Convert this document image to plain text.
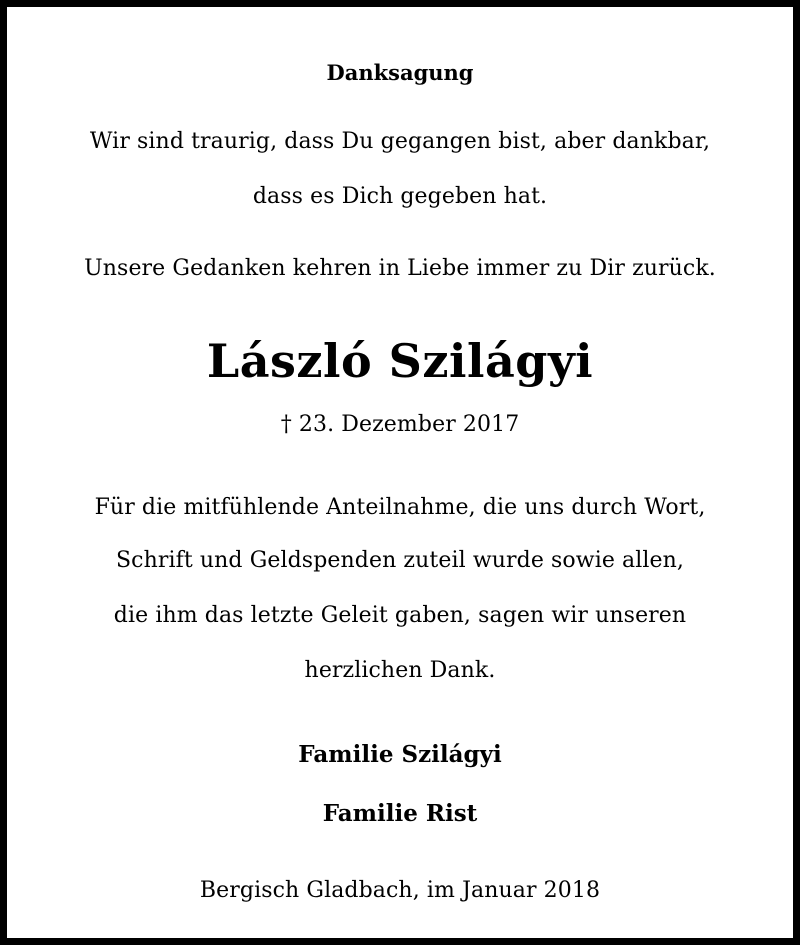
Danksagung
Wir sind traurig, dass Du gegangen bist, aber dankbar,
dass es Dich gegeben hat.
Unsere Gedanken kehren in Liebe immer zu Dir zurück.
László Szilágyi
† 23. Dezember 2017
Für die mitfühlende Anteilnahme, die uns durch Wort,
Schrift und Geldspenden zuteil wurde sowie allen,
die ihm das letzte Geleit gaben, sagen wir unseren
herzlichen Dank.
Familie Szilágyi
Familie Rist
Bergisch Gladbach, im Januar 2018
